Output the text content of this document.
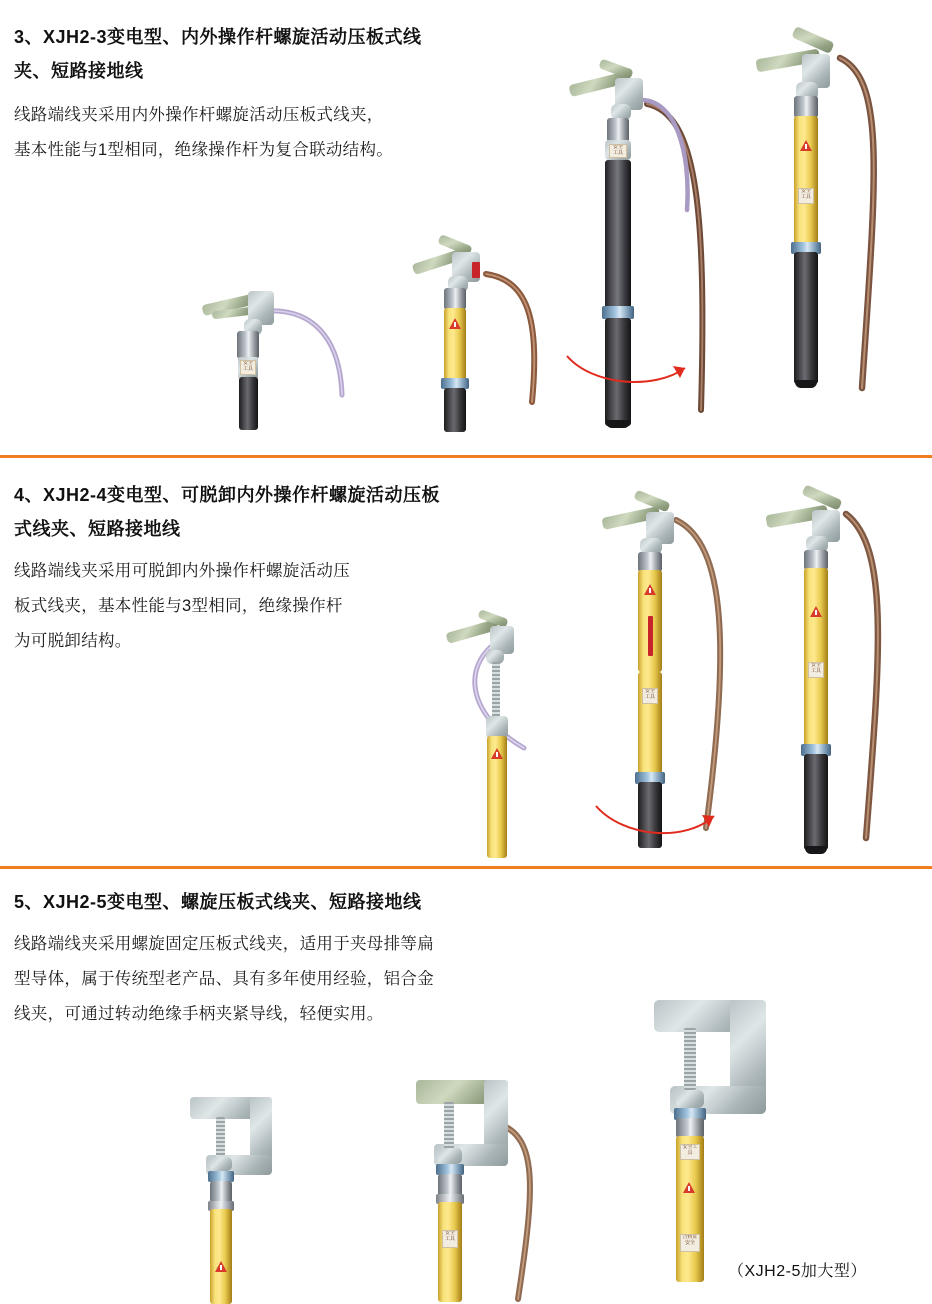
3、XJH2-3变电型、内外操作杆螺旋活动压板式线
夹、短路接地线
线路端线夹采用内外操作杆螺旋活动压板式线夹，
基本性能与1型相同，绝缘操作杆为复合联动结构。
安全
工具
安全
工具
安全
工具
4、XJH2-4变电型、可脱卸内外操作杆螺旋活动压板
式线夹、短路接地线
线路端线夹采用可脱卸内外操作杆螺旋活动压
板式线夹，基本性能与3型相同，绝缘操作杆
为可脱卸结构。
安全
工具
安全
工具
5、XJH2-5变电型、螺旋压板式线夹、短路接地线
线路端线夹采用螺旋固定压板式线夹，适用于夹母排等扁
型导体，属于传统型老产品、具有多年使用经验，铝合金
线夹，可通过转动绝缘手柄夹紧导线，轻便实用。
安全
工具
安全工具
合格证
安全
（XJH2-5加大型）
